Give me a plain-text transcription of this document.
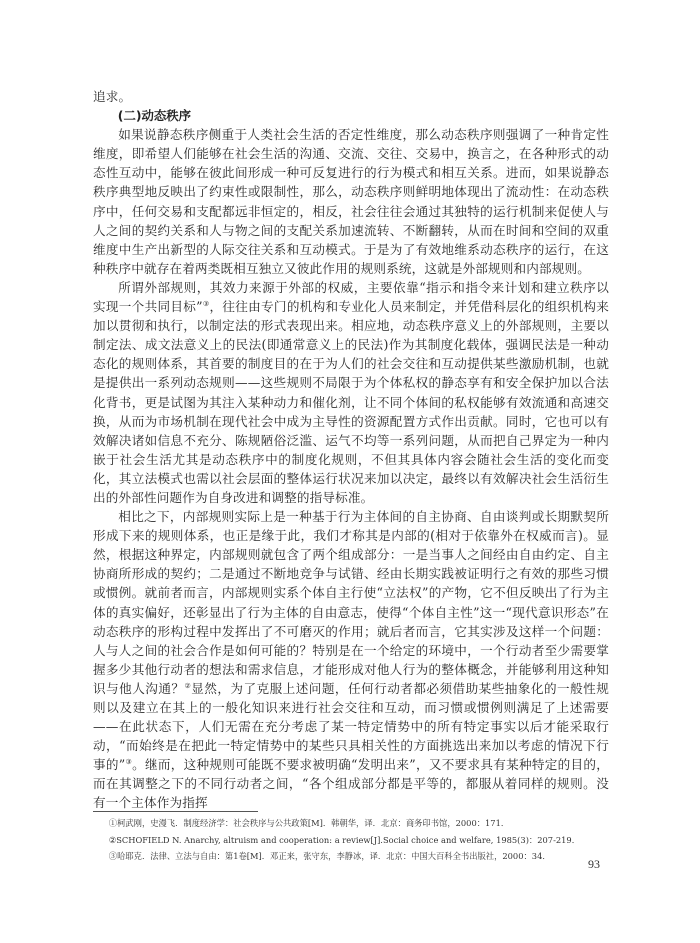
追求。

(二)动态秩序

如果说静态秩序侧重于人类社会生活的否定性维度，那么动态秩序则强调了一种肯定性维度，即希望人们能够在社会生活的沟通、交流、交往、交易中，换言之，在各种形式的动态性互动中，能够在彼此间形成一种可反复进行的行为模式和相互关系。进而，如果说静态秩序典型地反映出了约束性或限制性，那么，动态秩序则鲜明地体现出了流动性：在动态秩序中，任何交易和支配都远非恒定的，相反，社会往往会通过其独特的运行机制来促使人与人之间的契约关系和人与物之间的支配关系加速流转、不断翻转，从而在时间和空间的双重维度中生产出新型的人际交往关系和互动模式。于是为了有效地维系动态秩序的运行，在这种秩序中就存在着两类既相互独立又彼此作用的规则系统，这就是外部规则和内部规则。

所谓外部规则，其效力来源于外部的权威，主要依靠“指示和指令来计划和建立秩序以实现一个共同目标”③，往往由专门的机构和专业化人员来制定，并凭借科层化的组织机构来加以贯彻和执行，以制定法的形式表现出来。相应地，动态秩序意义上的外部规则，主要以制定法、成文法意义上的民法(即通常意义上的民法)作为其制度化载体，强调民法是一种动态化的规则体系，其首要的制度目的在于为人们的社会交往和互动提供某些激励机制，也就是提供出一系列动态规则——这些规则不局限于为个体私权的静态享有和安全保护加以合法化背书，更是试图为其注入某种动力和催化剂，让不同个体间的私权能够有效流通和高速交换，从而为市场机制在现代社会中成为主导性的资源配置方式作出贡献。同时，它也可以有效解决诸如信息不充分、陈规陋俗泛滥、运气不均等一系列问题，从而把自己界定为一种内嵌于社会生活尤其是动态秩序中的制度化规则，不但其具体内容会随社会生活的变化而变化，其立法模式也需以社会层面的整体运行状况来加以决定，最终以有效解决社会生活衍生出的外部性问题作为自身改进和调整的指导标准。

相比之下，内部规则实际上是一种基于行为主体间的自主协商、自由谈判或长期默契所形成下来的规则体系，也正是缘于此，我们才称其是内部的(相对于依靠外在权威而言)。显然，根据这种界定，内部规则就包含了两个组成部分：一是当事人之间经由自由约定、自主协商所形成的契约；二是通过不断地竞争与试错、经由长期实践被证明行之有效的那些习惯或惯例。就前者而言，内部规则实系个体自主行使“立法权”的产物，它不但反映出了行为主体的真实偏好，还彰显出了行为主体的自由意志，使得“个体自主性”这一“现代意识形态”在动态秩序的形构过程中发挥出了不可磨灭的作用；就后者而言，它其实涉及这样一个问题：人与人之间的社会合作是如何可能的？特别是在一个给定的环境中，一个行动者至少需要掌握多少其他行动者的想法和需求信息，才能形成对他人行为的整体概念，并能够利用这种知识与他人沟通？②显然，为了克服上述问题，任何行动者都必须借助某些抽象化的一般性规则以及建立在其上的一般化知识来进行社会交往和互动，而习惯或惯例则满足了上述需要——在此状态下，人们无需在充分考虑了某一特定情势中的所有特定事实以后才能采取行动，“而始终是在把此一特定情势中的某些只具相关性的方面挑选出来加以考虑的情况下行事的”③。继而，这种规则可能既不要求被明确“发明出来”，又不要求具有某种特定的目的，而在其调整之下的不同行动者之间，“各个组成部分都是平等的，都服从着同样的规则。没有一个主体作为指挥

①柯武刚，史漫飞．制度经济学：社会秩序与公共政策[M]．韩朝华，译．北京：商务印书馆，2000：171．
②SCHOFIELD N. Anarchy, altruism and cooperation: a review[J].Social choice and welfare, 1985(3)：207-219．
③哈耶克．法律、立法与自由：第1卷[M]．邓正来，张守东，李静冰，译．北京：中国大百科全书出版社，2000：34．
93
